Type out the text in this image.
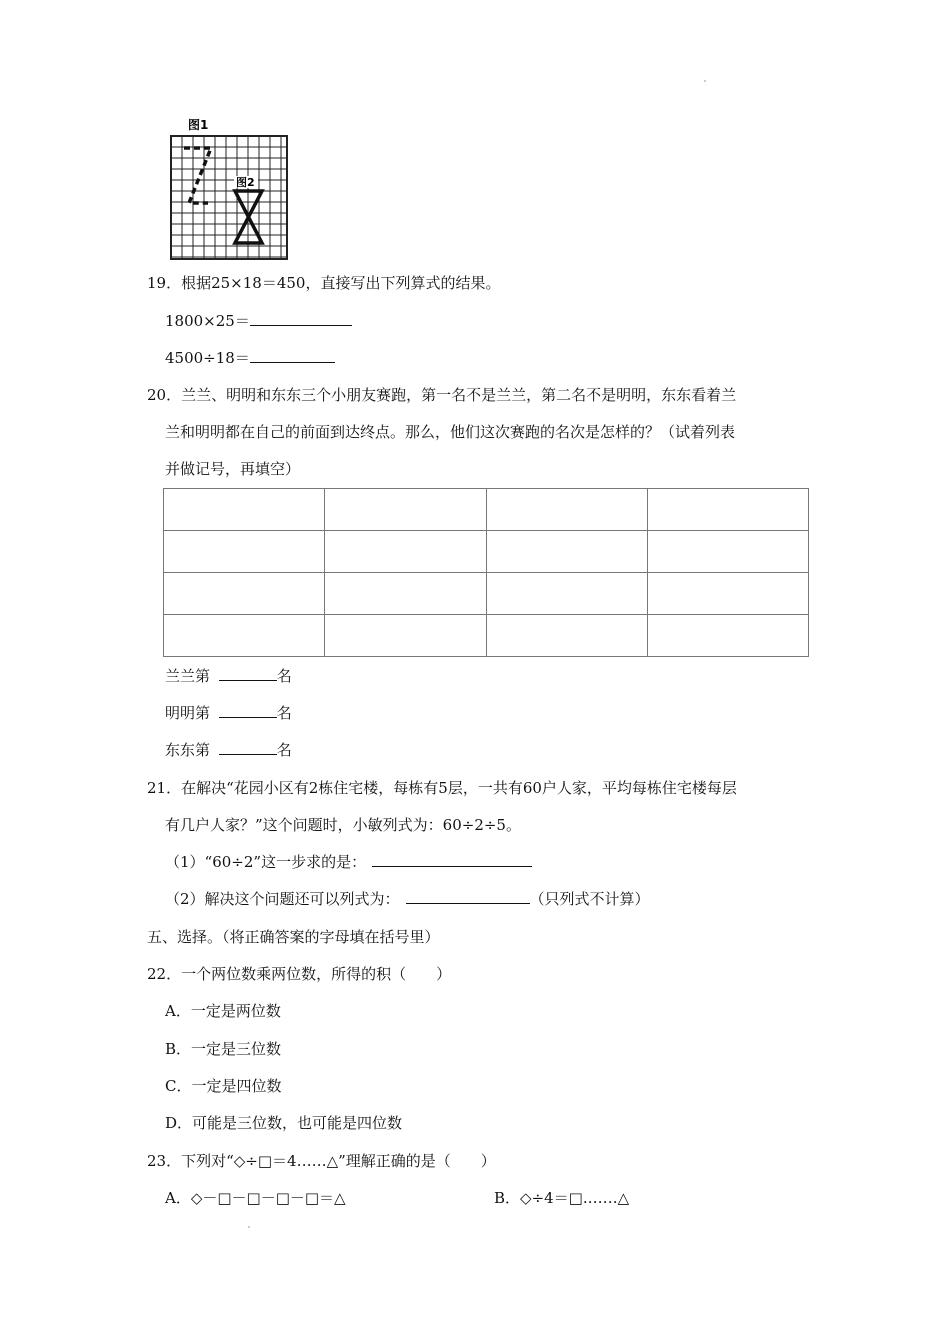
图1
图2
19．根据25×18＝450，直接写出下列算式的结果。
1800×25＝
4500÷18＝
20．兰兰、明明和东东三个小朋友赛跑，第一名不是兰兰，第二名不是明明，东东看着兰
兰和明明都在自己的前面到达终点。那么，他们这次赛跑的名次是怎样的？（试着列表
并做记号，再填空）

兰兰第	名
明明第	名
东东第	名
21．在解决“花园小区有2栋住宅楼，每栋有5层，一共有60户人家，平均每栋住宅楼每层
有几户人家？”这个问题时，小敏列式为：60÷2÷5。
（1）“60÷2”这一步求的是：
（2）解决这个问题还可以列式为：	（只列式不计算）
五、选择。（将正确答案的字母填在括号里）
22．一个两位数乘两位数，所得的积（　　）
A．一定是两位数
B．一定是三位数
C．一定是四位数
D．可能是三位数，也可能是四位数
23．下列对“◇÷□＝4……△”理解正确的是（　　）
A．◇－□－□－□－□＝△	B．◇÷4＝□.……△
